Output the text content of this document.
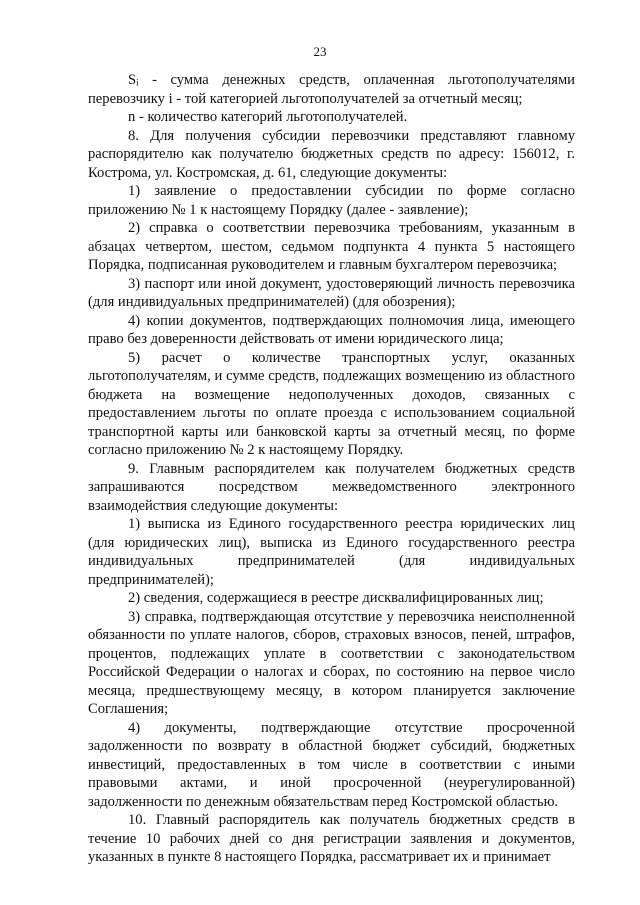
23

Sᵢ - сумма денежных средств, оплаченная льготополучателями перевозчику i - той категорией льготополучателей за отчетный месяц;

n - количество категорий льготополучателей.

8. Для получения субсидии перевозчики представляют главному распорядителю как получателю бюджетных средств по адресу: 156012, г. Кострома, ул. Костромская, д. 61, следующие документы:

1) заявление о предоставлении субсидии по форме согласно приложению № 1 к настоящему Порядку (далее - заявление);

2) справка о соответствии перевозчика требованиям, указанным в абзацах четвертом, шестом, седьмом подпункта 4 пункта 5 настоящего Порядка, подписанная руководителем и главным бухгалтером перевозчика;

3) паспорт или иной документ, удостоверяющий личность перевозчика (для индивидуальных предпринимателей) (для обозрения);

4) копии документов, подтверждающих полномочия лица, имеющего право без доверенности действовать от имени юридического лица;

5) расчет о количестве транспортных услуг, оказанных льготополучателям, и сумме средств, подлежащих возмещению из областного бюджета на возмещение недополученных доходов, связанных с предоставлением льготы по оплате проезда с использованием социальной транспортной карты или банковской карты за отчетный месяц, по форме согласно приложению № 2 к настоящему Порядку.

9. Главным распорядителем как получателем бюджетных средств запрашиваются посредством межведомственного электронного взаимодействия следующие документы:

1) выписка из Единого государственного реестра юридических лиц (для юридических лиц), выписка из Единого государственного реестра индивидуальных предпринимателей (для индивидуальных предпринимателей);

2) сведения, содержащиеся в реестре дисквалифицированных лиц;

3) справка, подтверждающая отсутствие у перевозчика неисполненной обязанности по уплате налогов, сборов, страховых взносов, пеней, штрафов, процентов, подлежащих уплате в соответствии с законодательством Российской Федерации о налогах и сборах, по состоянию на первое число месяца, предшествующему месяцу, в котором планируется заключение Соглашения;

4) документы, подтверждающие отсутствие просроченной задолженности по возврату в областной бюджет субсидий, бюджетных инвестиций, предоставленных в том числе в соответствии с иными правовыми актами, и иной просроченной (неурегулированной) задолженности по денежным обязательствам перед Костромской областью.

10. Главный распорядитель как получатель бюджетных средств в течение 10 рабочих дней со дня регистрации заявления и документов, указанных в пункте 8 настоящего Порядка, рассматривает их и принимает
